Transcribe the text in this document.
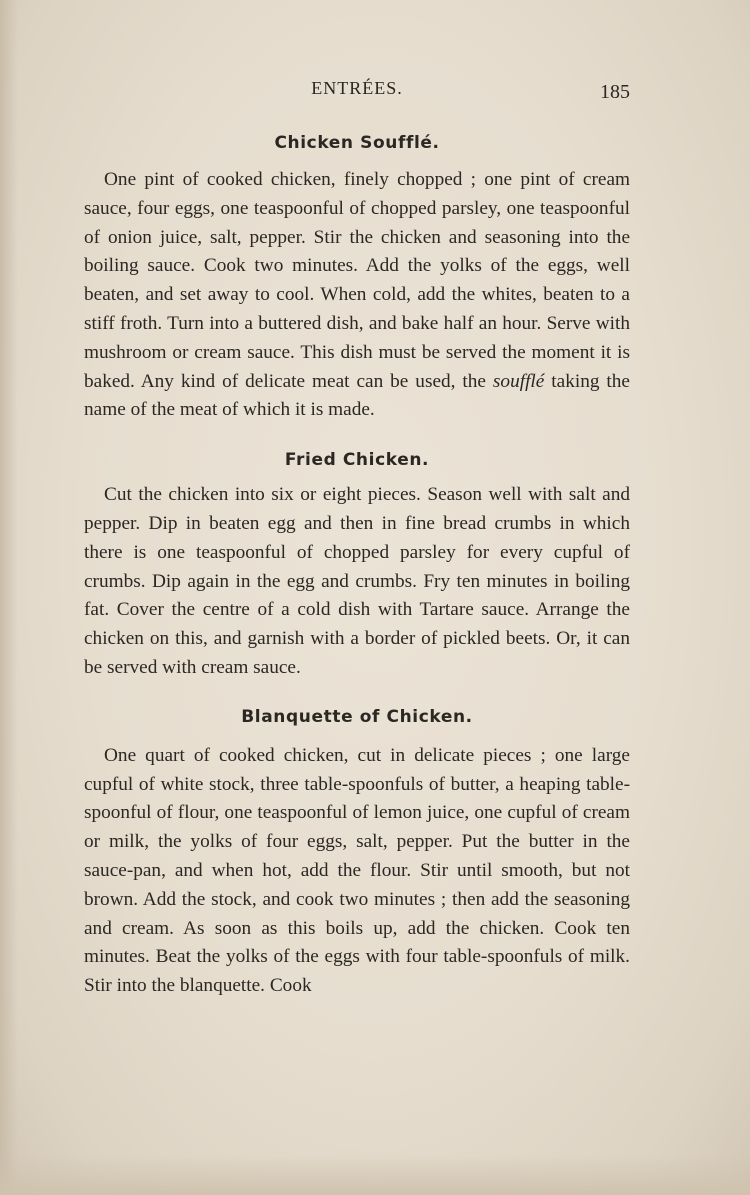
ENTRÉES.	185
Chicken Soufflé.

One pint of cooked chicken, finely chopped ; one pint of cream sauce, four eggs, one teaspoonful of chopped parsley, one teaspoonful of onion juice, salt, pepper. Stir the chicken and seasoning into the boiling sauce. Cook two minutes. Add the yolks of the eggs, well beaten, and set away to cool. When cold, add the whites, beaten to a stiff froth. Turn into a buttered dish, and bake half an hour. Serve with mushroom or cream sauce. This dish must be served the moment it is baked. Any kind of delicate meat can be used, the soufflé taking the name of the meat of which it is made.

Fried Chicken.

Cut the chicken into six or eight pieces. Season well with salt and pepper. Dip in beaten egg and then in fine bread crumbs in which there is one teaspoonful of chopped parsley for every cupful of crumbs. Dip again in the egg and crumbs. Fry ten minutes in boiling fat. Cover the centre of a cold dish with Tartare sauce. Arrange the chicken on this, and garnish with a border of pickled beets. Or, it can be served with cream sauce.

Blanquette of Chicken.

One quart of cooked chicken, cut in delicate pieces ; one large cupful of white stock, three table-spoonfuls of butter, a heaping table-spoonful of flour, one teaspoonful of lemon juice, one cupful of cream or milk, the yolks of four eggs, salt, pepper. Put the butter in the sauce-pan, and when hot, add the flour. Stir until smooth, but not brown. Add the stock, and cook two minutes ; then add the seasoning and cream. As soon as this boils up, add the chicken. Cook ten minutes. Beat the yolks of the eggs with four table-spoonfuls of milk. Stir into the blanquette. Cook
